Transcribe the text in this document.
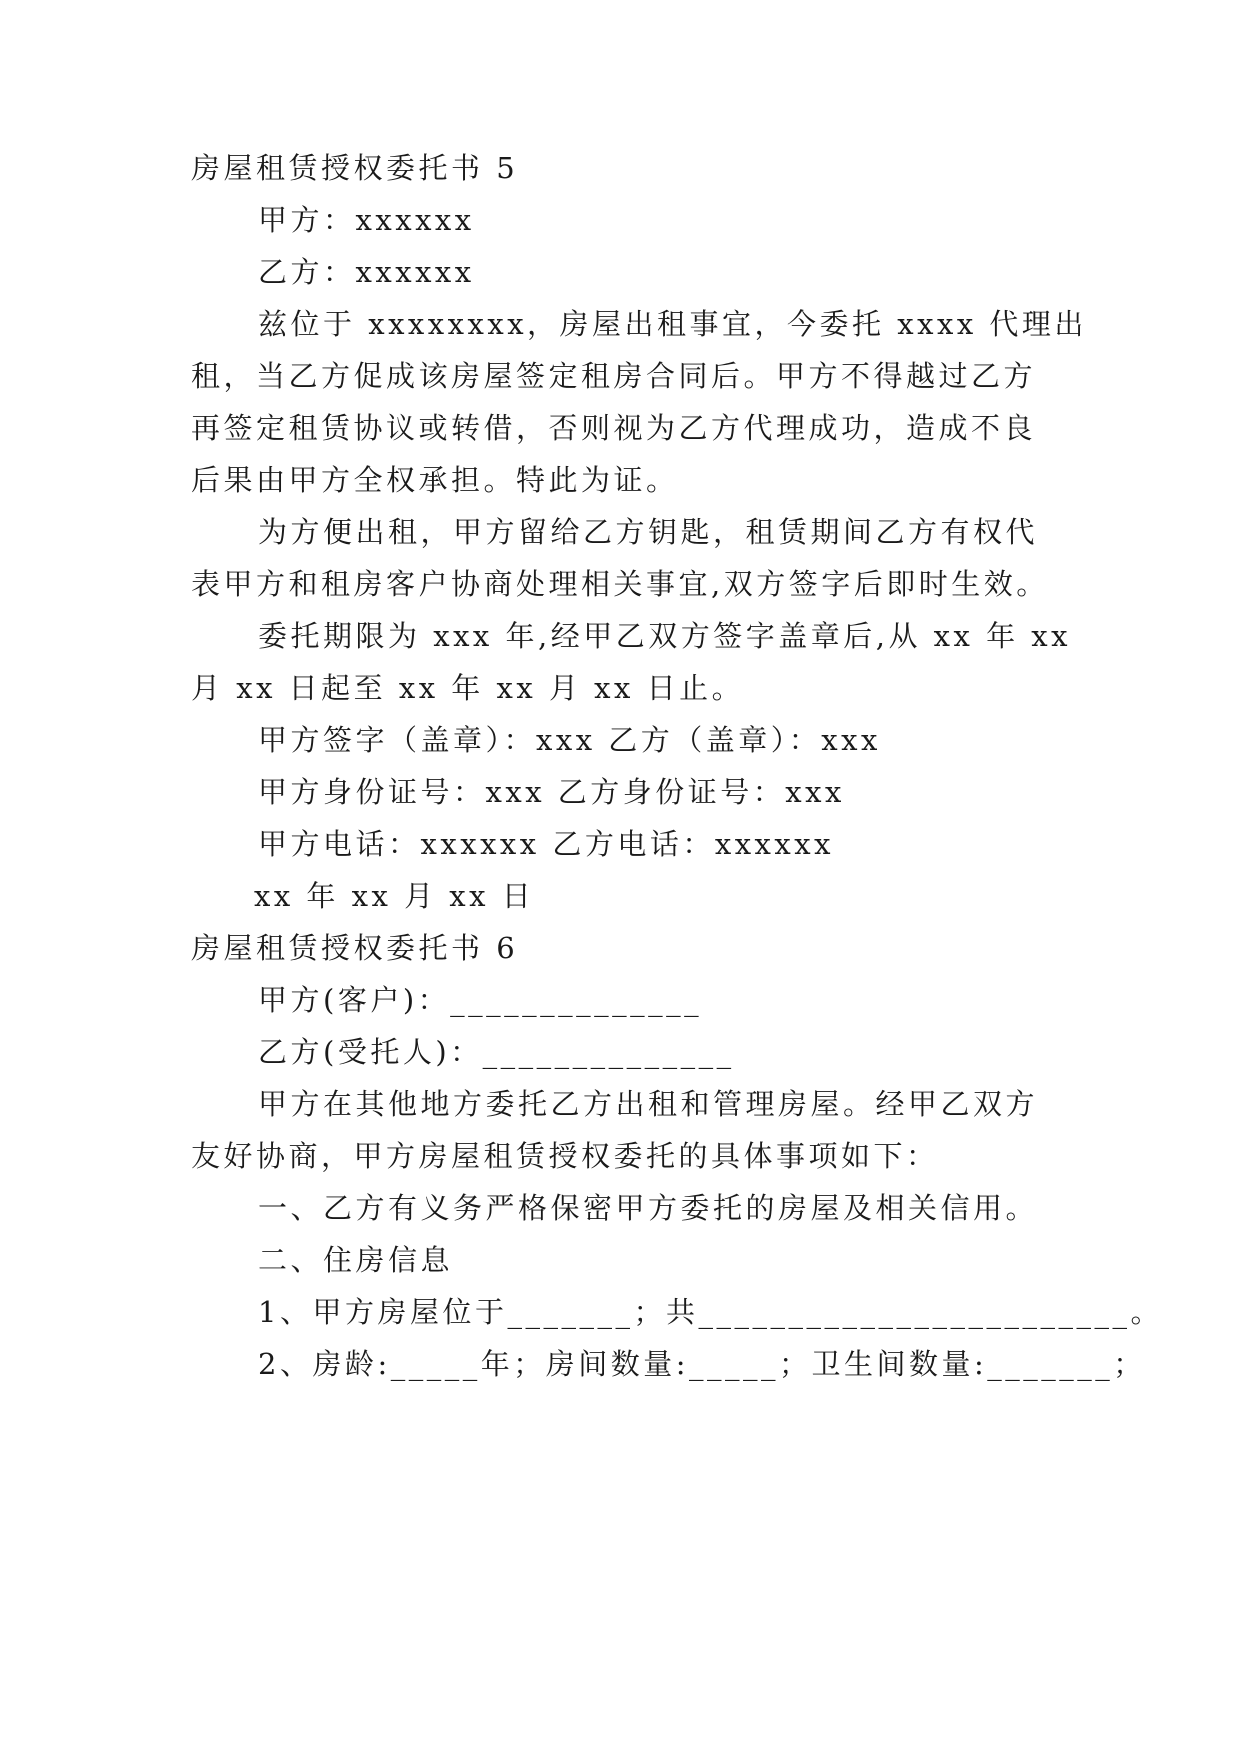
房屋租赁授权委托书 5
甲方：xxxxxx
乙方：xxxxxx
兹位于 xxxxxxxx，房屋出租事宜，今委托 xxxx 代理出
租，当乙方促成该房屋签定租房合同后。甲方不得越过乙方
再签定租赁协议或转借，否则视为乙方代理成功，造成不良
后果由甲方全权承担。特此为证。
为方便出租，甲方留给乙方钥匙，租赁期间乙方有权代
表甲方和租房客户协商处理相关事宜,双方签字后即时生效。
委托期限为 xxx 年,经甲乙双方签字盖章后,从 xx 年 xx
月 xx 日起至 xx 年 xx 月 xx 日止。
甲方签字（盖章）：xxx 乙方（盖章）：xxx
甲方身份证号：xxx 乙方身份证号：xxx
甲方电话：xxxxxx 乙方电话：xxxxxx
xx 年 xx 月 xx 日
房屋租赁授权委托书 6
甲方(客户)：______________
乙方(受托人)：______________
甲方在其他地方委托乙方出租和管理房屋。经甲乙双方
友好协商，甲方房屋租赁授权委托的具体事项如下：
一、乙方有义务严格保密甲方委托的房屋及相关信用。
二、住房信息
1、甲方房屋位于_______；共________________________。
2、房龄:_____年；房间数量:_____；卫生间数量:_______；
